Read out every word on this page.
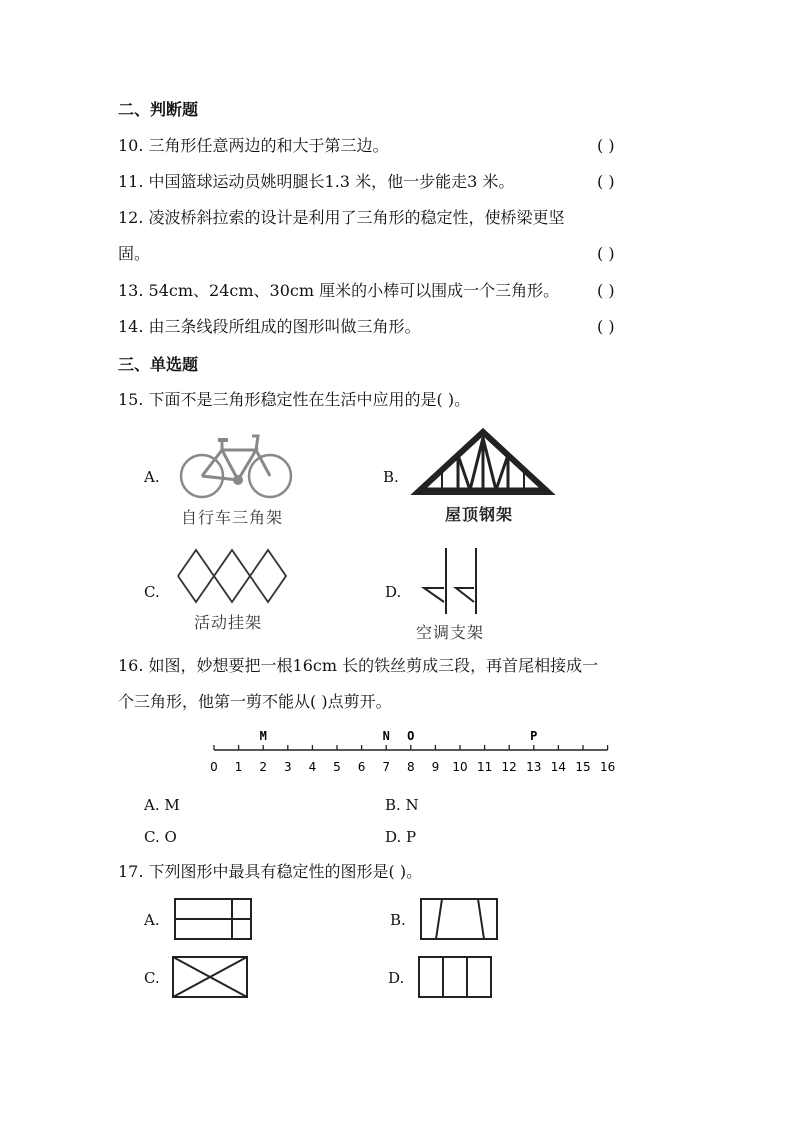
二、判断题
10. 三角形任意两边的和大于第三边。	( )
11. 中国篮球运动员姚明腿长1.3 米，他一步能走3 米。	( )
12. 凌波桥斜拉索的设计是利用了三角形的稳定性，使桥梁更坚
固。	( )
13. 54cm、24cm、30cm 厘米的小棒可以围成一个三角形。 ( )
14. 由三条线段所组成的图形叫做三角形。	( )
三、单选题
15. 下面不是三角形稳定性在生活中应用的是( )。
A.
自行车三角架
B.
屋顶钢架
C.
活动挂架
D.
空调支架
16. 如图，妙想要把一根16cm 长的铁丝剪成三段，再首尾相接成一
个三角形，他第一剪不能从( )点剪开。
0 1 2 3 4 5 6 7 8 9 10 11 12 13 14 15 16
M	N O	P
A. M	B. N
C. O	D. P
17. 下列图形中最具有稳定性的图形是( )。
A.	B.
C.	D.
